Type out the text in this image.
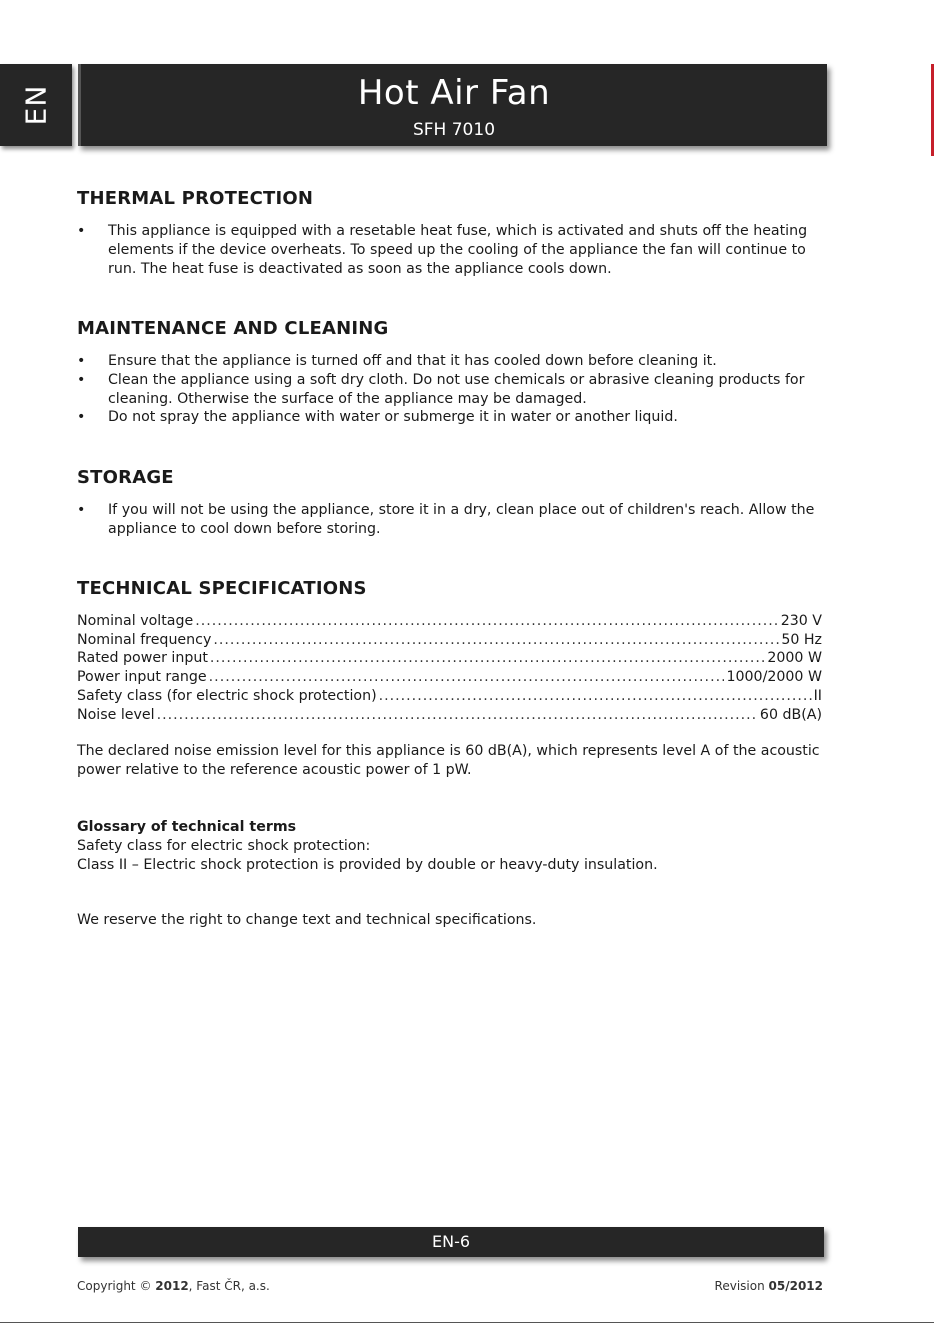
EN	Hot Air Fan
SFH 7010
THERMAL PROTECTION
• This appliance is equipped with a resetable heat fuse, which is activated and shuts off the heating elements if the device overheats. To speed up the cooling of the appliance the fan will continue to run. The heat fuse is deactivated as soon as the appliance cools down.
MAINTENANCE AND CLEANING
• Ensure that the appliance is turned off and that it has cooled down before cleaning it.
• Clean the appliance using a soft dry cloth. Do not use chemicals or abrasive cleaning products for cleaning. Otherwise the surface of the appliance may be damaged.
• Do not spray the appliance with water or submerge it in water or another liquid.
STORAGE
• If you will not be using the appliance, store it in a dry, clean place out of children's reach. Allow the appliance to cool down before storing.
TECHNICAL SPECIFICATIONS
Nominal voltage .....	230 V
Nominal frequency .....	50 Hz
Rated power input .....	2000 W
Power input range .....	1000/2000 W
Safety class (for electric shock protection) .....	II
Noise level .....	60 dB(A)

The declared noise emission level for this appliance is 60 dB(A), which represents level A of the acoustic power relative to the reference acoustic power of 1 pW.

Glossary of technical terms

Safety class for electric shock protection:

Class II – Electric shock protection is provided by double or heavy-duty insulation.

We reserve the right to change text and technical specifications.

EN-6
Copyright © 2012, Fast ČR, a.s.	Revision 05/2012
